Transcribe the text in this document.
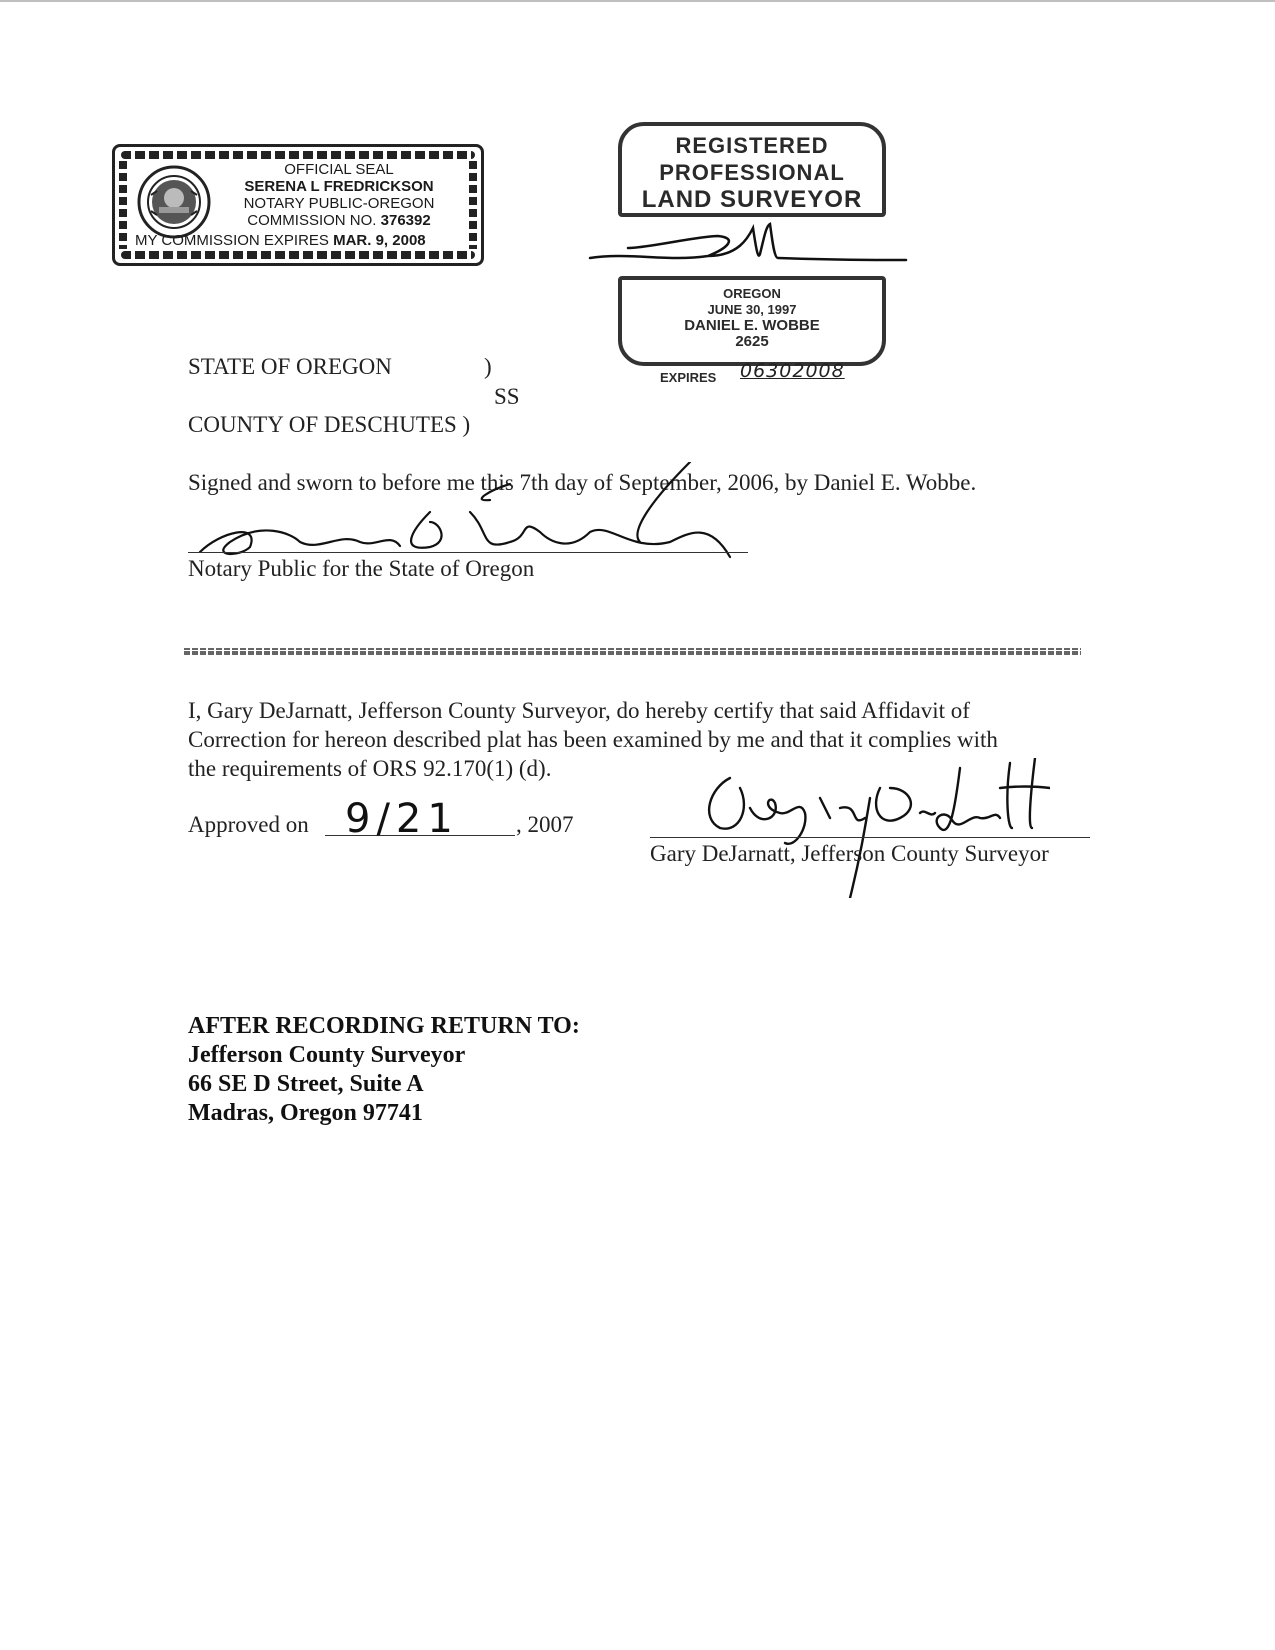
OFFICIAL SEAL
SERENA L FREDRICKSON
NOTARY PUBLIC-OREGON
COMMISSION NO. 376392
MY COMMISSION EXPIRES MAR. 9, 2008
REGISTERED
PROFESSIONAL
LAND SURVEYOR
OREGON
JUNE 30, 1997
DANIEL E. WOBBE
2625
EXPIRES 06302008
STATE OF OREGON	)
SS
COUNTY OF DESCHUTES )
Signed and sworn to before me this 7th day of September, 2006, by Daniel E. Wobbe.
Notary Public for the State of Oregon
I, Gary DeJarnatt, Jefferson County Surveyor, do hereby certify that said Affidavit of
Correction for hereon described plat has been examined by me and that it complies with
the requirements of ORS 92.170(1) (d).
Approved on 9/21 , 2007
Gary DeJarnatt, Jefferson County Surveyor
AFTER RECORDING RETURN TO:
Jefferson County Surveyor
66 SE D Street, Suite A
Madras, Oregon 97741
